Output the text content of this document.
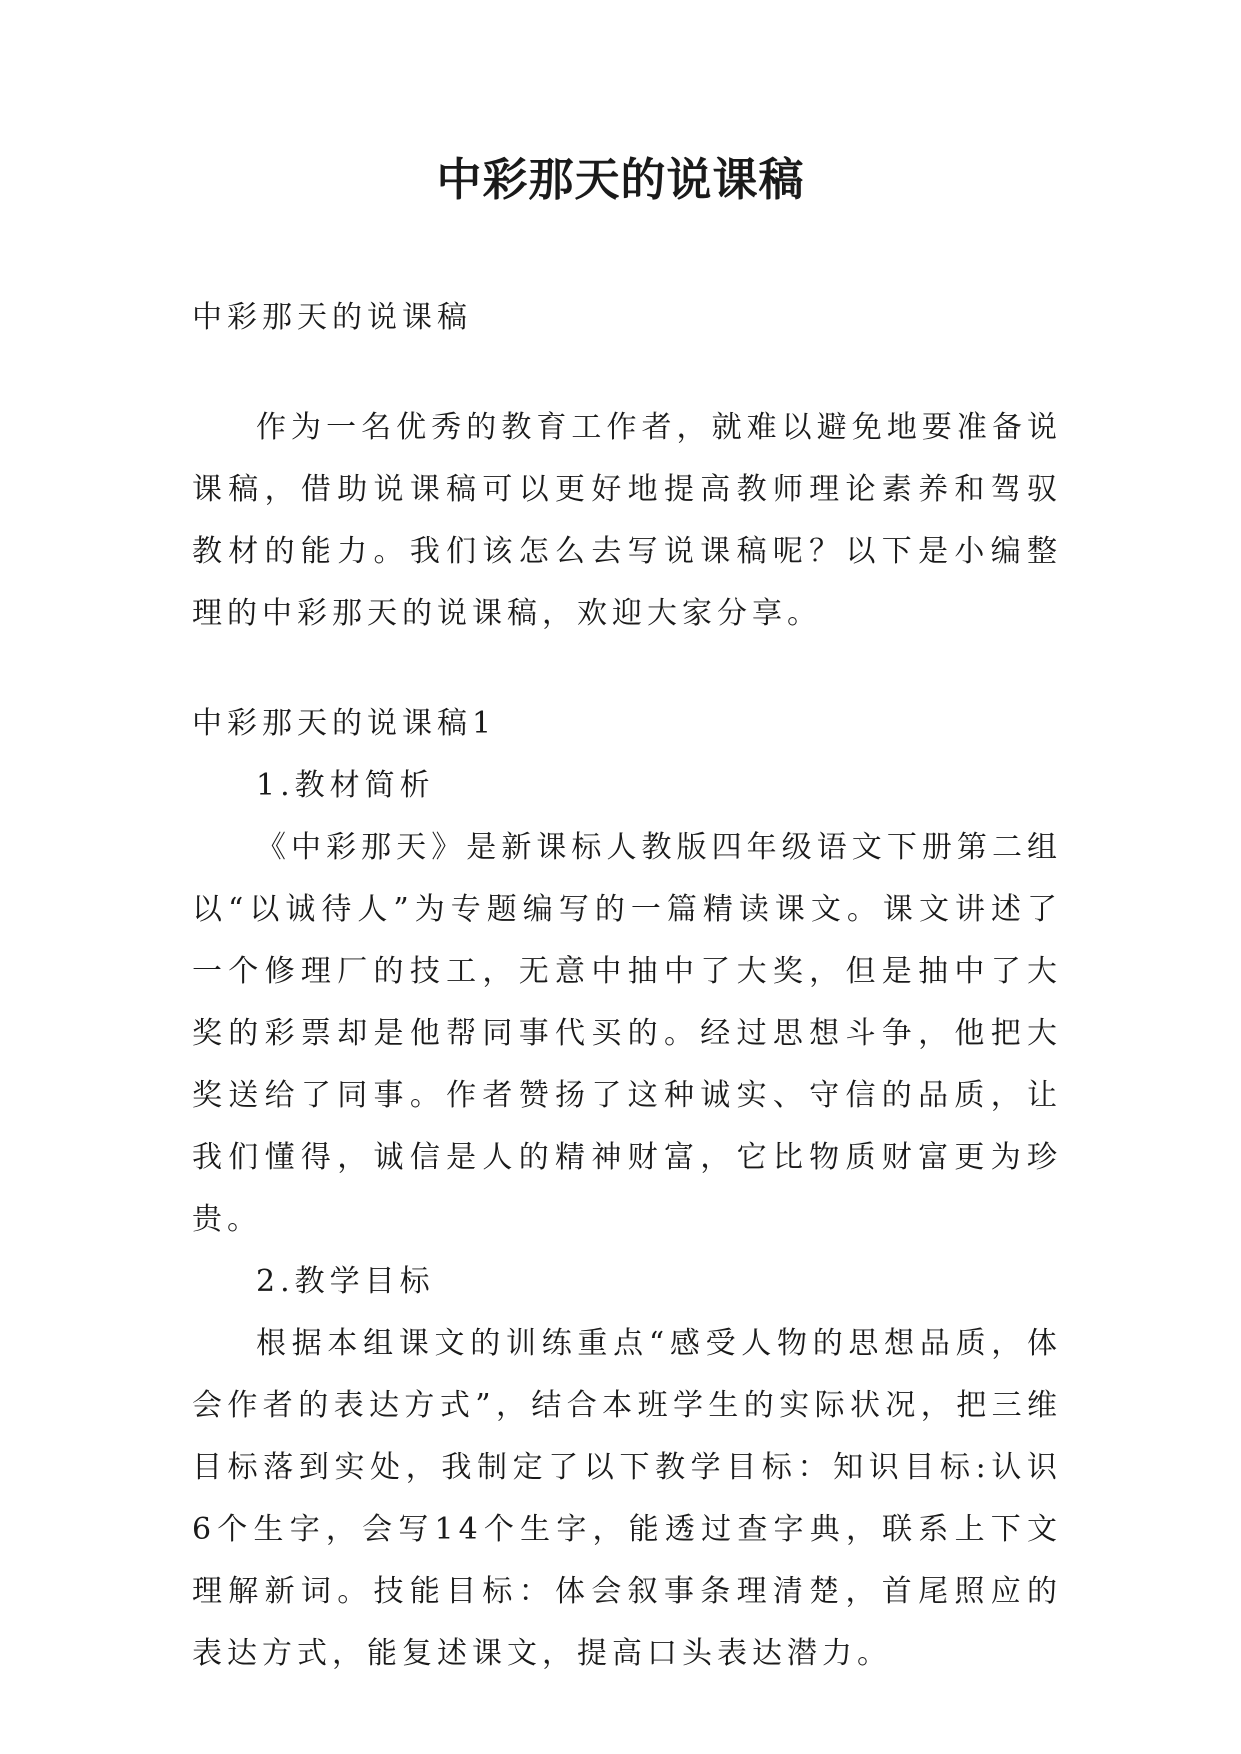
中彩那天的说课稿

中彩那天的说课稿

作为一名优秀的教育工作者，就难以避免地要准备说课稿，借助说课稿可以更好地提高教师理论素养和驾驭教材的能力。我们该怎么去写说课稿呢？以下是小编整理的中彩那天的说课稿，欢迎大家分享。

中彩那天的说课稿1

1.教材简析

《中彩那天》是新课标人教版四年级语文下册第二组以“以诚待人”为专题编写的一篇精读课文。课文讲述了一个修理厂的技工，无意中抽中了大奖，但是抽中了大奖的彩票却是他帮同事代买的。经过思想斗争，他把大奖送给了同事。作者赞扬了这种诚实、守信的品质，让我们懂得，诚信是人的精神财富，它比物质财富更为珍贵。

2.教学目标

根据本组课文的训练重点“感受人物的思想品质，体会作者的表达方式”，结合本班学生的实际状况，把三维目标落到实处，我制定了以下教学目标：知识目标:认识6个生字，会写14个生字，能透过查字典，联系上下文理解新词。技能目标：体会叙事条理清楚，首尾照应的表达方式，能复述课文，提高口头表达潜力。
